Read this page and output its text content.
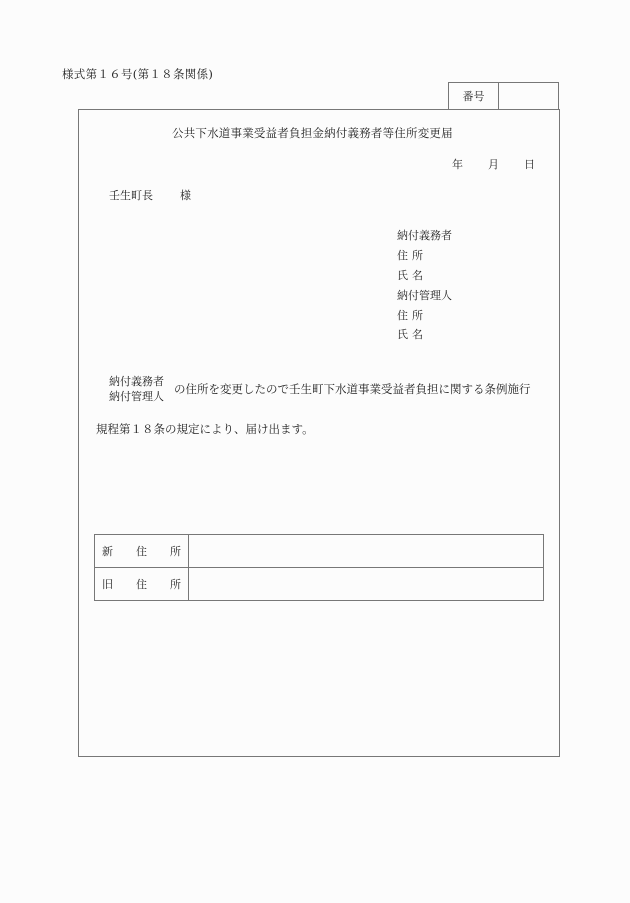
様式第１６号(第１８条関係)
番号
公共下水道事業受益者負担金納付義務者等住所変更届
年 月 日
壬生町長 様
納付義務者
住所
氏名
納付管理人
住所
氏名
納付義務者
納付管理人
の住所を変更したので壬生町下水道事業受益者負担に関する条例施行
規程第１８条の規定により、届け出ます。
新 住 所	

旧 住 所	
